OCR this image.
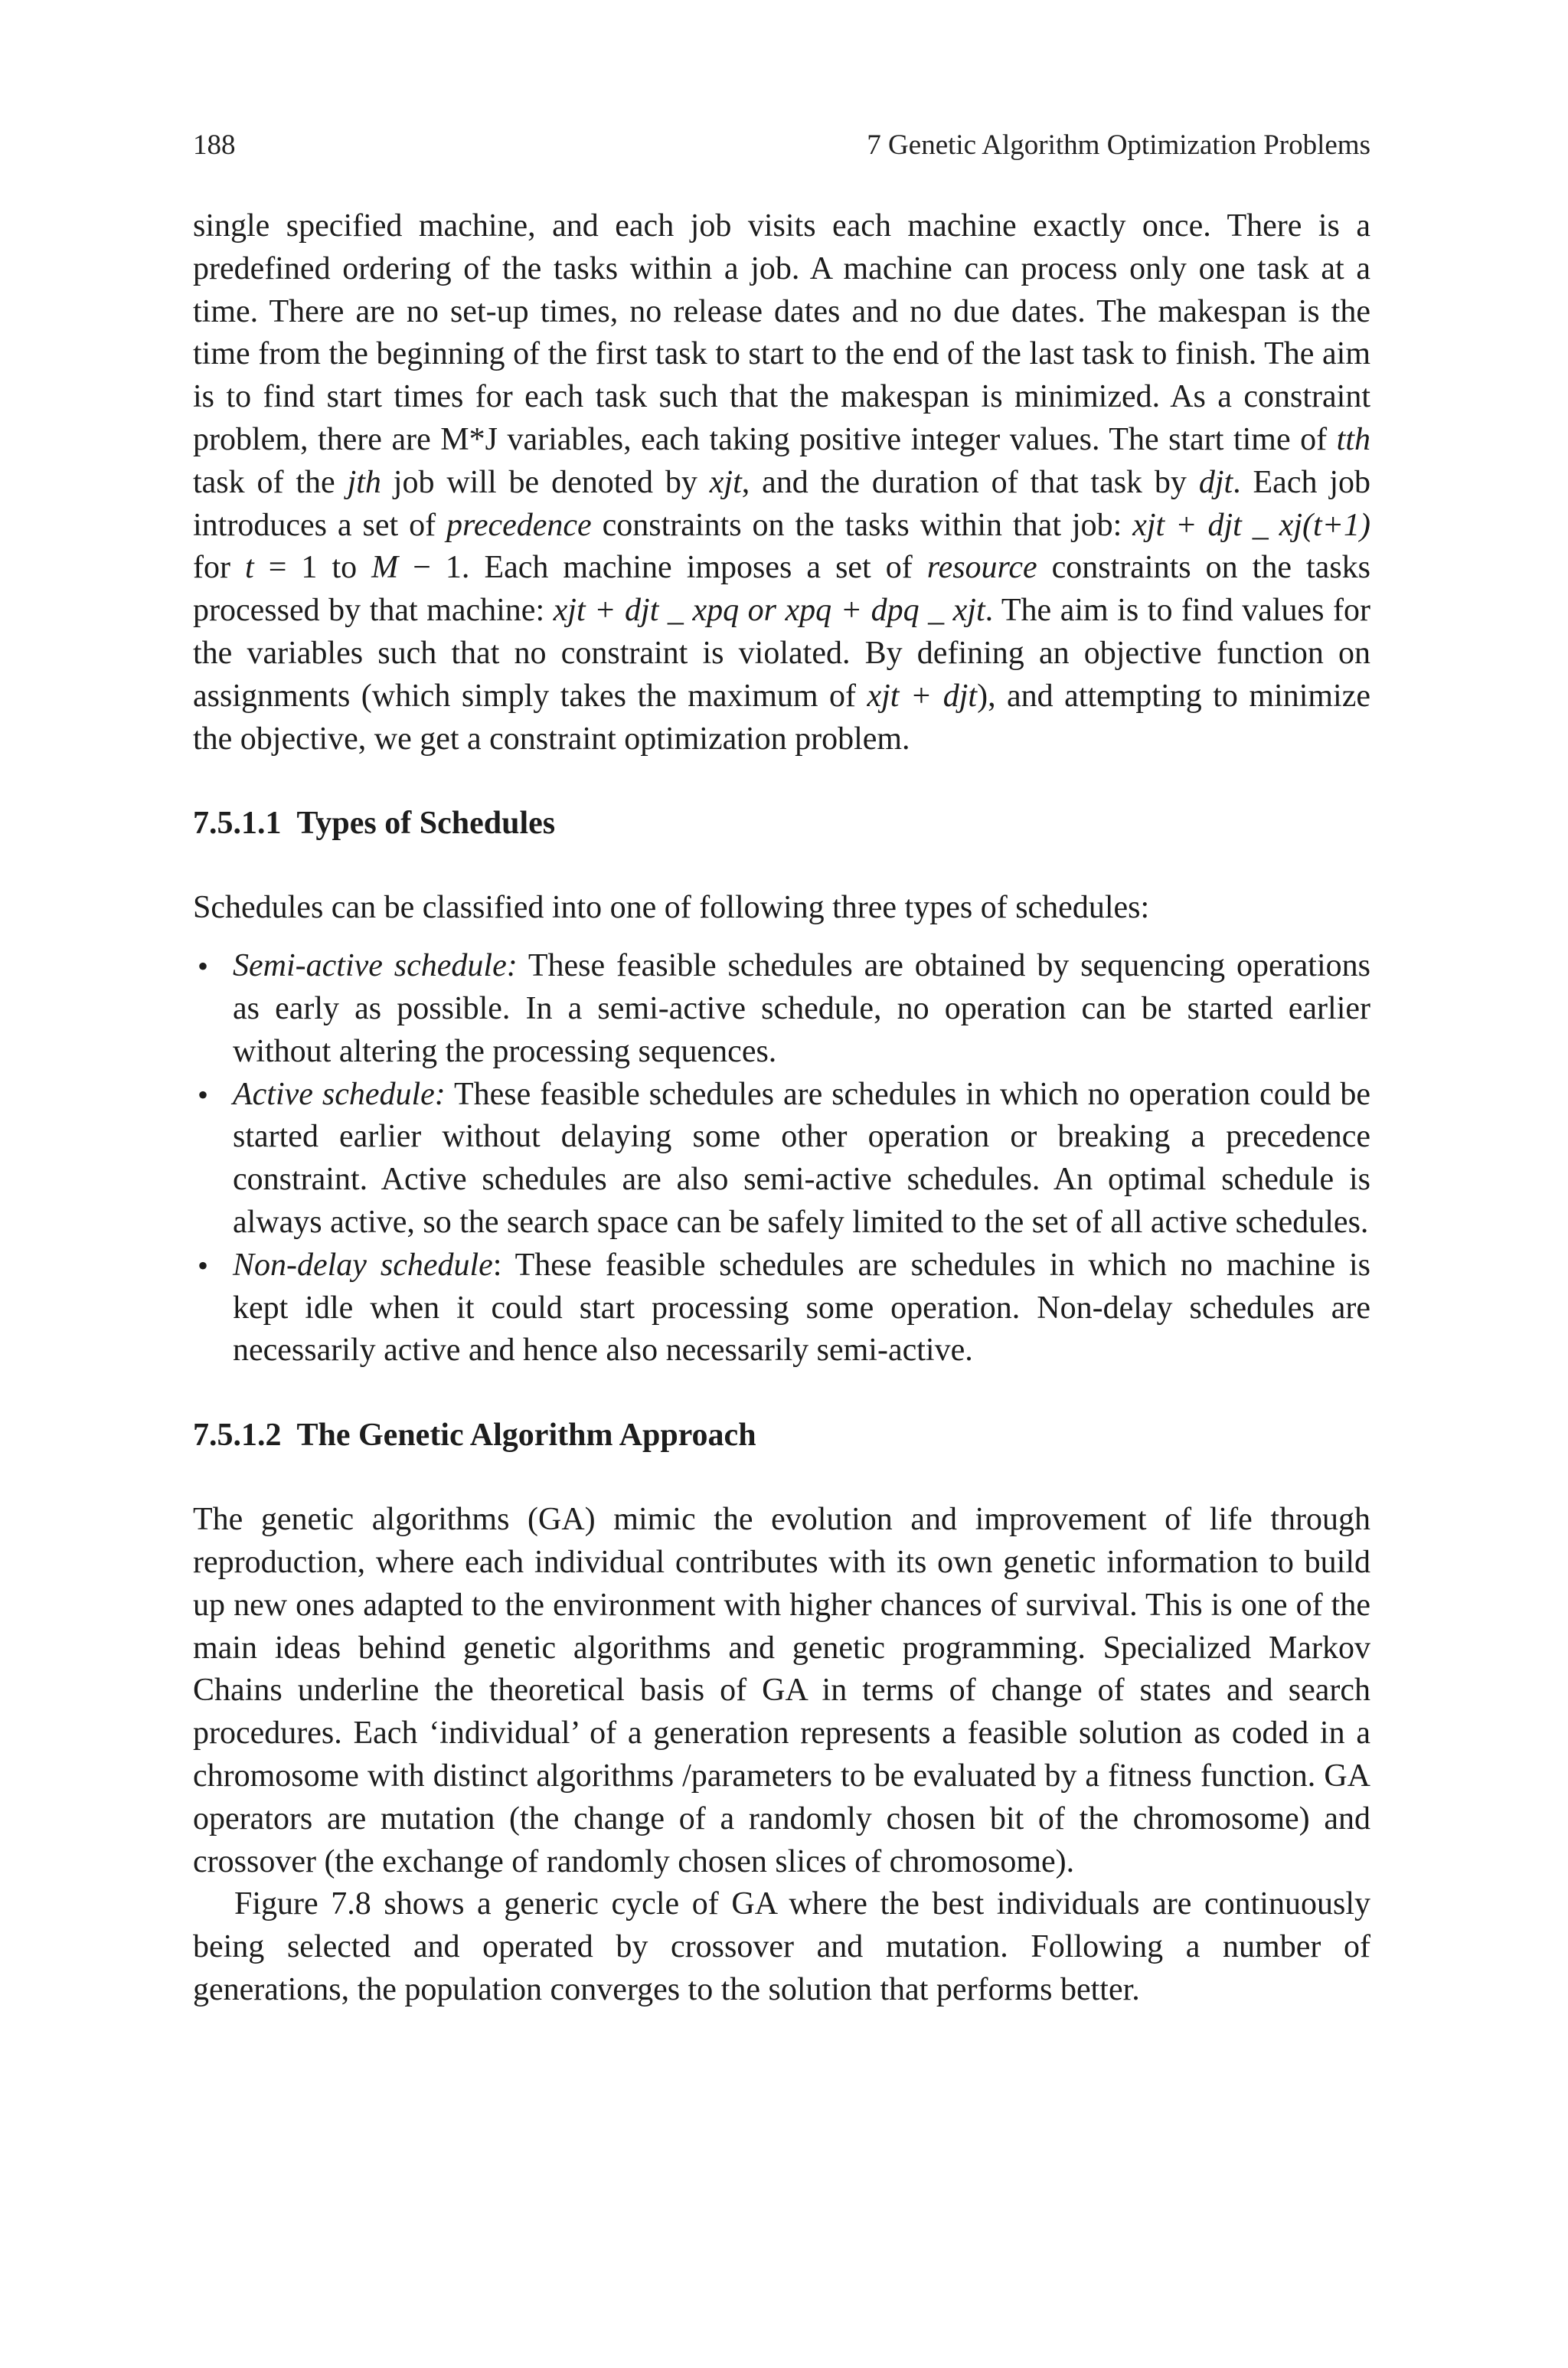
188	7 Genetic Algorithm Optimization Problems

single specified machine, and each job visits each machine exactly once. There is a predefined ordering of the tasks within a job. A machine can process only one task at a time. There are no set-up times, no release dates and no due dates. The makespan is the time from the beginning of the first task to start to the end of the last task to finish. The aim is to find start times for each task such that the makespan is minimized. As a constraint problem, there are M*J variables, each taking positive integer values. The start time of tth task of the jth job will be denoted by xjt, and the duration of that task by djt. Each job introduces a set of precedence constraints on the tasks within that job: xjt + djt _ xj(t+1) for t = 1 to M − 1. Each machine imposes a set of resource constraints on the tasks processed by that machine: xjt + djt _ xpq or xpq + dpq _ xjt. The aim is to find values for the variables such that no constraint is violated. By defining an objective function on assignments (which simply takes the maximum of xjt + djt), and attempting to minimize the objective, we get a constraint optimization problem.

7.5.1.1 Types of Schedules

Schedules can be classified into one of following three types of schedules:

• Semi-active schedule: These feasible schedules are obtained by sequencing operations as early as possible. In a semi-active schedule, no operation can be started earlier without altering the processing sequences.
• Active schedule: These feasible schedules are schedules in which no operation could be started earlier without delaying some other operation or breaking a precedence constraint. Active schedules are also semi-active schedules. An optimal schedule is always active, so the search space can be safely limited to the set of all active schedules.
• Non-delay schedule: These feasible schedules are schedules in which no machine is kept idle when it could start processing some operation. Non-delay schedules are necessarily active and hence also necessarily semi-active.
7.5.1.2 The Genetic Algorithm Approach

The genetic algorithms (GA) mimic the evolution and improvement of life through reproduction, where each individual contributes with its own genetic information to build up new ones adapted to the environment with higher chances of survival. This is one of the main ideas behind genetic algorithms and genetic programming. Specialized Markov Chains underline the theoretical basis of GA in terms of change of states and search procedures. Each ‘individual’ of a generation represents a feasible solution as coded in a chromosome with distinct algorithms /parameters to be evaluated by a fitness function. GA operators are mutation (the change of a randomly chosen bit of the chromosome) and crossover (the exchange of randomly chosen slices of chromosome).

Figure 7.8 shows a generic cycle of GA where the best individuals are continuously being selected and operated by crossover and mutation. Following a number of generations, the population converges to the solution that performs better.
